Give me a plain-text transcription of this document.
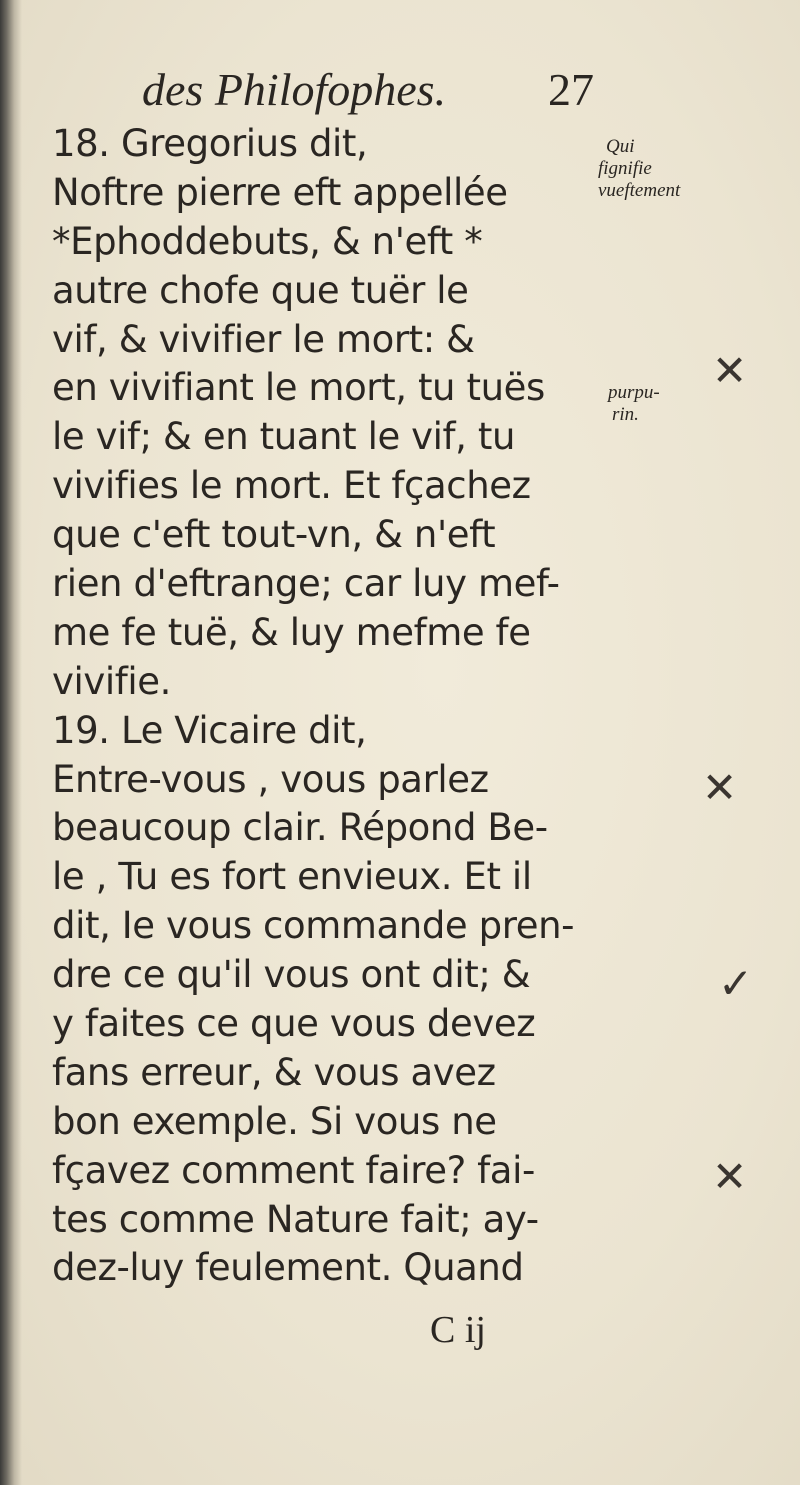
des Philofophes. 27
18. Gregorius dit,
Noftre pierre eft appellée
*Ephoddebuts, & n'eft *
autre chofe que tuër le
vif, & vivifier le mort: &
en vivifiant le mort, tu tuës
le vif; & en tuant le vif, tu
vivifies le mort. Et fçachez
que c'eft tout-vn, & n'eft
rien d'eftrange; car luy mef-
me fe tuë, & luy mefme fe
vivifie.
19. Le Vicaire dit,
Entre-vous , vous parlez
beaucoup clair. Répond Be-
le , Tu es fort envieux. Et il
dit, Ie vous commande pren-
dre ce qu'il vous ont dit; &
y faites ce que vous devez
fans erreur, & vous avez
bon exemple. Si vous ne
fçavez comment faire? fai-
tes comme Nature fait; ay-
dez-luy feulement. Quand
Qui
fignifie
vueftement
purpu-
rin.
✕
✕
✓
✕
C ij
